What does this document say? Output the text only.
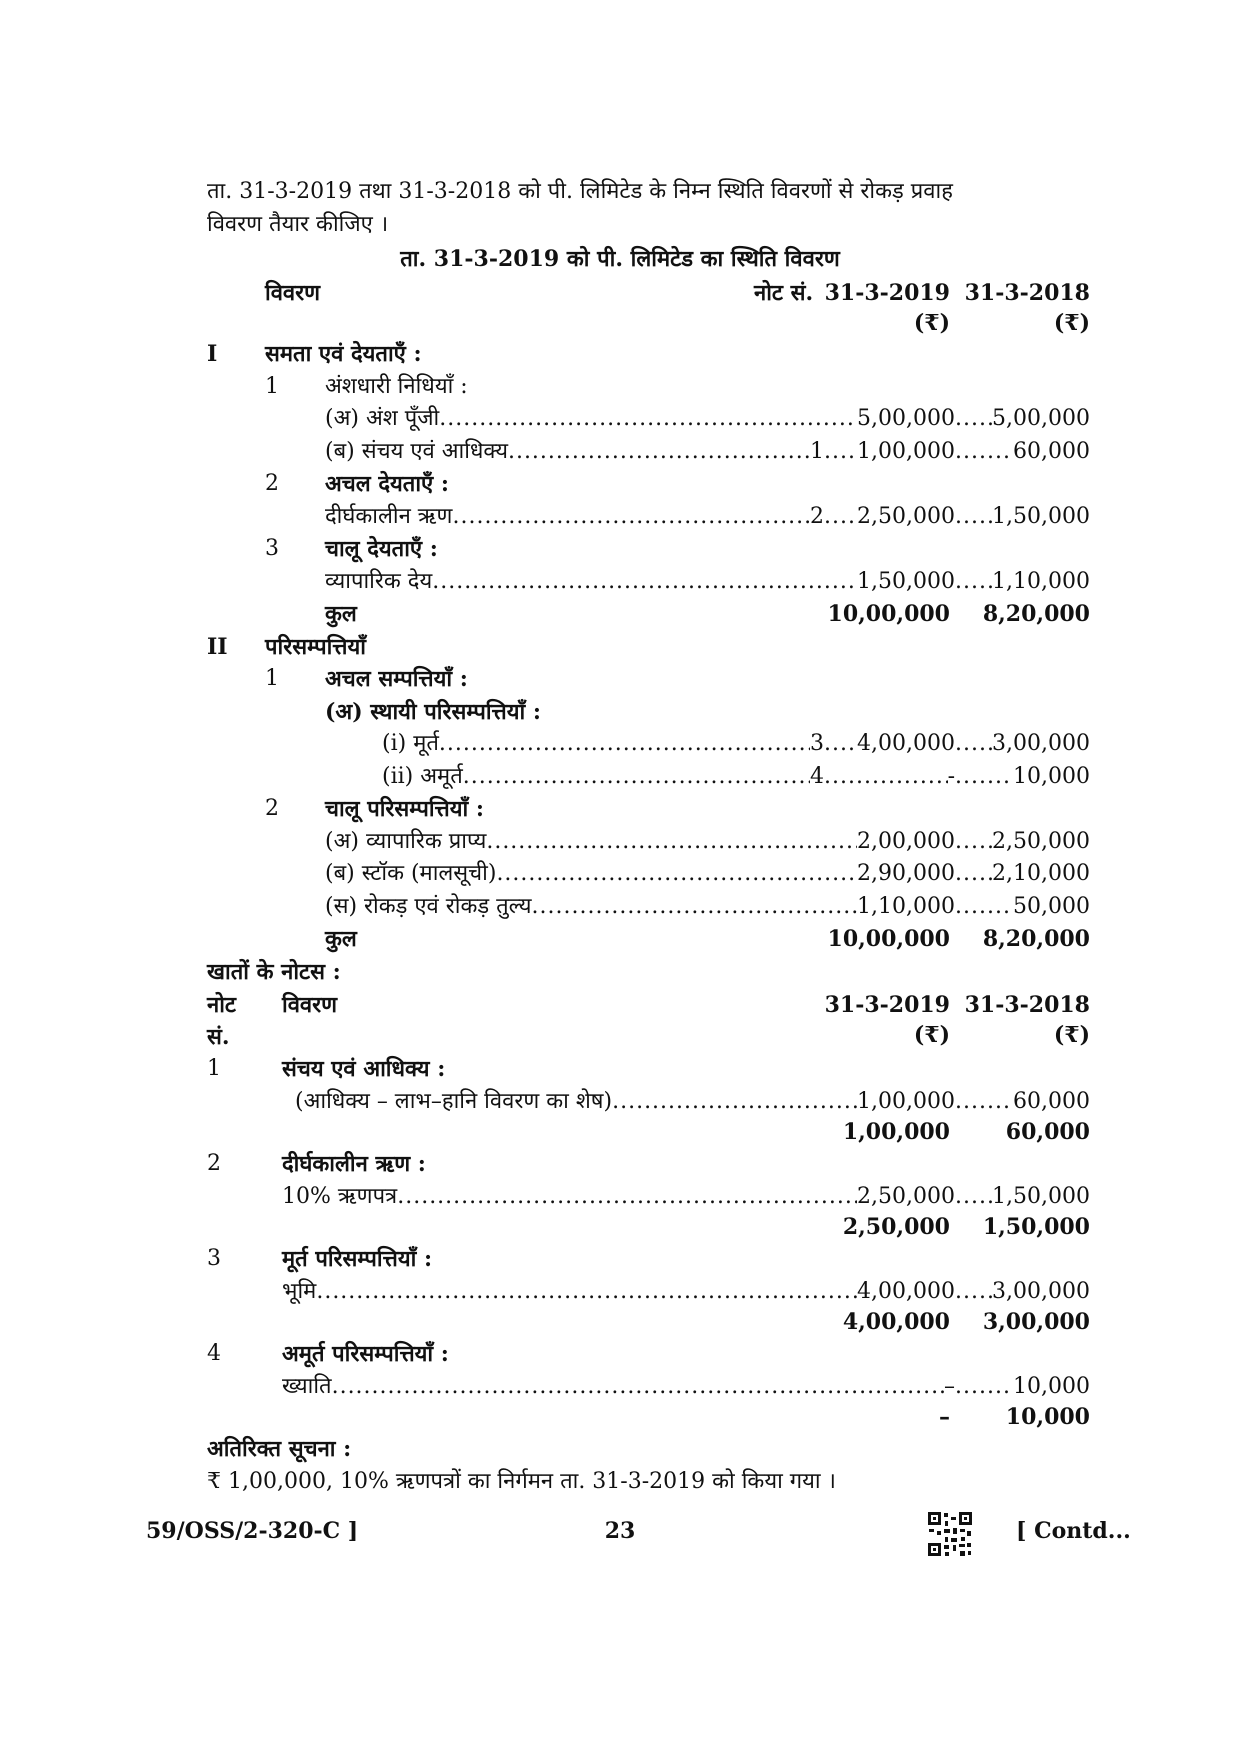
ता. 31-3-2019 तथा 31-3-2018 को पी. लिमिटेड के निम्न स्थिति विवरणों से रोकड़ प्रवाह
विवरण तैयार कीजिए ।
ता. 31-3-2019 को पी. लिमिटेड का स्थिति विवरण
विवरण	नोट सं. 31-3-2019 31-3-2018
(₹)	(₹)
I समता एवं देयताएँ :
1 अंशधारी निधियाँ :
(अ) अंश पूँजी .....	5,00,000 ..... 5,00,000
(ब) संचय एवं आधिक्य .....	1 ..... 1,00,000 .....	60,000
2 अचल देयताएँ :
दीर्घकालीन ऋण .....	2 ..... 2,50,000 ..... 1,50,000
3 चालू देयताएँ :
व्यापारिक देय .....	1,50,000 ..... 1,10,000
कुल	10,00,000	8,20,000
II परिसम्पत्तियाँ
1 अचल सम्पत्तियाँ :
(अ) स्थायी परिसम्पत्तियाँ :
(i) मूर्त .....	3 ..... 4,00,000 ..... 3,00,000
(ii) अमूर्त .....	4 .....	- .....	10,000
2 चालू परिसम्पत्तियाँ :
(अ) व्यापारिक प्राप्य .....	2,00,000 ..... 2,50,000
(ब) स्टॉक (मालसूची) .....	2,90,000 ..... 2,10,000
(स) रोकड़ एवं रोकड़ तुल्य .....	1,10,000 .....	50,000
कुल	10,00,000	8,20,000
खातों के नोटस :
नोट
सं.
विवरण	31-3-2019 31-3-2018
(₹)	(₹)
1	संचय एवं आधिक्य :
(आधिक्य – लाभ–हानि विवरण का शेष) .....	1,00,000 .....	60,000
1,00,000	60,000
2	दीर्घकालीन ऋण :
10% ऋणपत्र .....	2,50,000 ..... 1,50,000
2,50,000	1,50,000
3	मूर्त परिसम्पत्तियाँ :
भूमि .....	4,00,000 ..... 3,00,000
4,00,000	3,00,000
4	अमूर्त परिसम्पत्तियाँ :
ख्याति .....	– .....	10,000
–	10,000
अतिरिक्त सूचना :
₹ 1,00,000, 10% ऋणपत्रों का निर्गमन ता. 31-3-2019 को किया गया ।
59/OSS/2-320-C ]	23	[ Contd...
